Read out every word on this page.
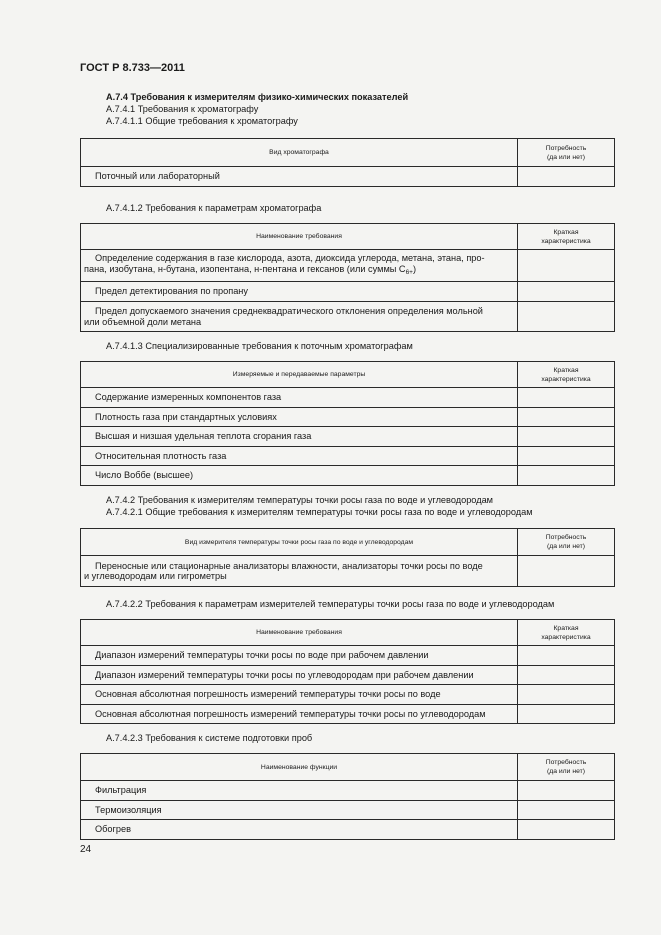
ГОСТ Р 8.733—2011
А.7.4 Требования к измерителям физико-химических показателей
А.7.4.1 Требования к хроматографу
А.7.4.1.1 Общие требования к хроматографу
Вид хроматографа	Потребность
(да или нет)
Поточный или лабораторный	
А.7.4.1.2 Требования к параметрам хроматографа
Наименование требования	Краткая
характеристика

Определение содержания в газе кислорода, азота, диоксида углерода, метана, этана, про-
пана, изобутана, н-бутана, изопентана, н-пентана и гексанов (или суммы $C_{6+}$)	

Предел детектирования по пропану	

Предел допускаемого значения среднеквадратического отклонения определения мольной
или объемной доли метана	

А.7.4.1.3 Специализированные требования к поточным хроматографам
Измеряемые и передаваемые параметры	Краткая
характеристика
Содержание измеренных компонентов газа	
Плотность газа при стандартных условиях	
Высшая и низшая удельная теплота сгорания газа	
Относительная плотность газа	
Число Воббе (высшее)	
А.7.4.2 Требования к измерителям температуры точки росы газа по воде и углеводородам
А.7.4.2.1 Общие требования к измерителям температуры точки росы газа по воде и углеводородам
Вид измерителя температуры точки росы газа по воде и углеводородам	Потребность
(да или нет)

Переносные или стационарные анализаторы влажности, анализаторы точки росы по воде
и углеводородам или гигрометры	

А.7.4.2.2 Требования к параметрам измерителей температуры точки росы газа по воде и углеводородам
Наименование требования	Краткая
характеристика
Диапазон измерений температуры точки росы по воде при рабочем давлении	
Диапазон измерений температуры точки росы по углеводородам при рабочем давлении	
Основная абсолютная погрешность измерений температуры точки росы по воде	
Основная абсолютная погрешность измерений температуры точки росы по углеводородам	
А.7.4.2.3 Требования к системе подготовки проб
Наименование функции	Потребность
(да или нет)
Фильтрация	
Термоизоляция	
Обогрев	
24
